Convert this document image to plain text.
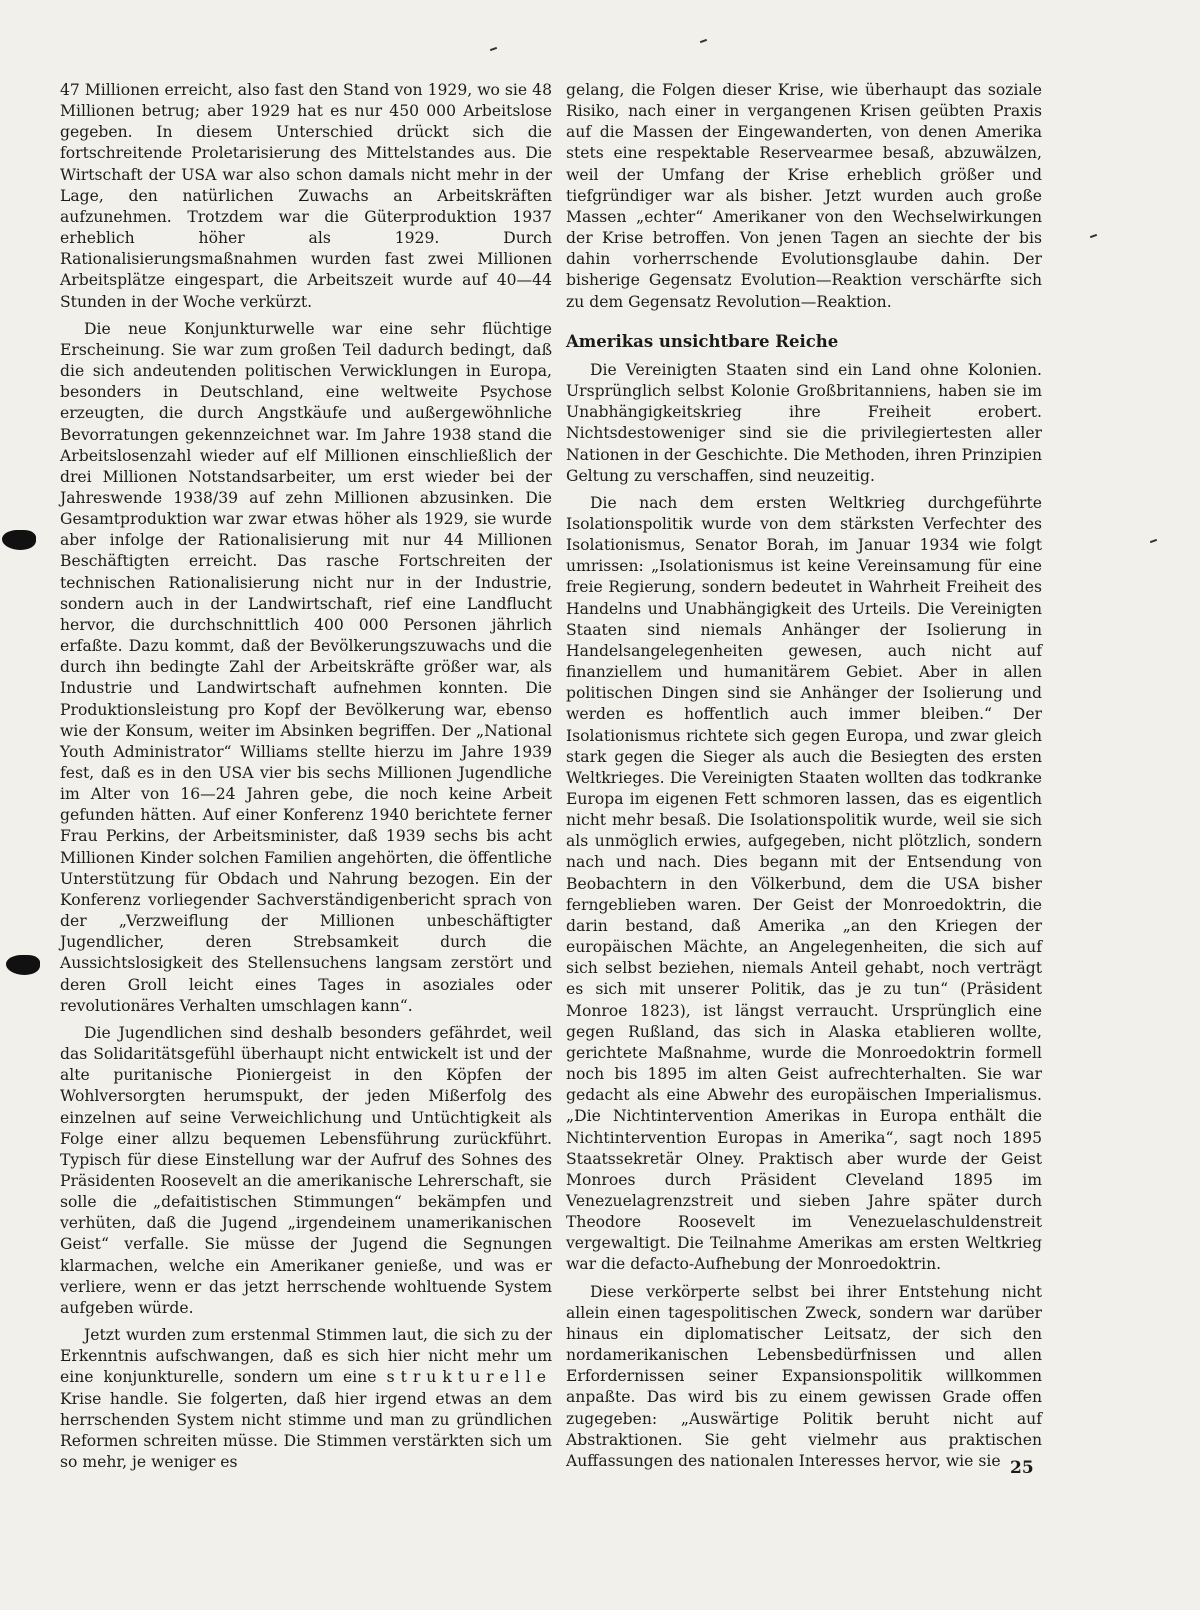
47 Millionen erreicht, also fast den Stand von 1929, wo sie 48 Millionen betrug; aber 1929 hat es nur 450 000 Arbeitslose gegeben. In diesem Unterschied drückt sich die fortschreitende Proletarisierung des Mittelstandes aus. Die Wirtschaft der USA war also schon damals nicht mehr in der Lage, den natürlichen Zuwachs an Arbeitskräften aufzunehmen. Trotzdem war die Güterproduktion 1937 erheblich höher als 1929. Durch Rationalisierungsmaßnahmen wurden fast zwei Millionen Arbeitsplätze eingespart, die Arbeitszeit wurde auf 40—44 Stunden in der Woche verkürzt.

Die neue Konjunkturwelle war eine sehr flüchtige Erscheinung. Sie war zum großen Teil dadurch bedingt, daß die sich andeutenden politischen Verwicklungen in Europa, besonders in Deutschland, eine weltweite Psychose erzeugten, die durch Angstkäufe und außergewöhnliche Bevorratungen gekennzeichnet war. Im Jahre 1938 stand die Arbeitslosenzahl wieder auf elf Millionen einschließlich der drei Millionen Notstandsarbeiter, um erst wieder bei der Jahreswende 1938/39 auf zehn Millionen abzusinken. Die Gesamtproduktion war zwar etwas höher als 1929, sie wurde aber infolge der Rationalisierung mit nur 44 Millionen Beschäftigten erreicht. Das rasche Fortschreiten der technischen Rationalisierung nicht nur in der Industrie, sondern auch in der Landwirtschaft, rief eine Landflucht hervor, die durchschnittlich 400 000 Personen jährlich erfaßte. Dazu kommt, daß der Bevölkerungszuwachs und die durch ihn bedingte Zahl der Arbeitskräfte größer war, als Industrie und Landwirtschaft aufnehmen konnten. Die Produktionsleistung pro Kopf der Bevölkerung war, ebenso wie der Konsum, weiter im Absinken begriffen. Der „National Youth Administrator“ Williams stellte hierzu im Jahre 1939 fest, daß es in den USA vier bis sechs Millionen Jugendliche im Alter von 16—24 Jahren gebe, die noch keine Arbeit gefunden hätten. Auf einer Konferenz 1940 berichtete ferner Frau Perkins, der Arbeitsminister, daß 1939 sechs bis acht Millionen Kinder solchen Familien angehörten, die öffentliche Unterstützung für Obdach und Nahrung bezogen. Ein der Konferenz vorliegender Sachverständigenbericht sprach von der „Verzweiflung der Millionen unbeschäftigter Jugendlicher, deren Strebsamkeit durch die Aussichtslosigkeit des Stellensuchens langsam zerstört und deren Groll leicht eines Tages in asoziales oder revolutionäres Verhalten umschlagen kann“.

Die Jugendlichen sind deshalb besonders gefährdet, weil das Solidaritätsgefühl überhaupt nicht entwickelt ist und der alte puritanische Pioniergeist in den Köpfen der Wohlversorgten herumspukt, der jeden Mißerfolg des einzelnen auf seine Verweichlichung und Untüchtigkeit als Folge einer allzu bequemen Lebensführung zurückführt. Typisch für diese Einstellung war der Aufruf des Sohnes des Präsidenten Roosevelt an die amerikanische Lehrerschaft, sie solle die „defaitistischen Stimmungen“ bekämpfen und verhüten, daß die Jugend „irgendeinem unamerikanischen Geist“ verfalle. Sie müsse der Jugend die Segnungen klarmachen, welche ein Amerikaner genieße, und was er verliere, wenn er das jetzt herrschende wohltuende System aufgeben würde.

Jetzt wurden zum erstenmal Stimmen laut, die sich zu der Erkenntnis aufschwangen, daß es sich hier nicht mehr um eine konjunkturelle, sondern um eine strukturelle Krise handle. Sie folgerten, daß hier irgend etwas an dem herrschenden System nicht stimme und man zu gründlichen Reformen schreiten müsse. Die Stimmen verstärkten sich um so mehr, je weniger es

gelang, die Folgen dieser Krise, wie überhaupt das soziale Risiko, nach einer in vergangenen Krisen geübten Praxis auf die Massen der Eingewanderten, von denen Amerika stets eine respektable Reservearmee besaß, abzuwälzen, weil der Umfang der Krise erheblich größer und tiefgründiger war als bisher. Jetzt wurden auch große Massen „echter“ Amerikaner von den Wechselwirkungen der Krise betroffen. Von jenen Tagen an siechte der bis dahin vorherrschende Evolutionsglaube dahin. Der bisherige Gegensatz Evolution—Reaktion verschärfte sich zu dem Gegensatz Revolution—Reaktion.

Amerikas unsichtbare Reiche

Die Vereinigten Staaten sind ein Land ohne Kolonien. Ursprünglich selbst Kolonie Großbritanniens, haben sie im Unabhängigkeitskrieg ihre Freiheit erobert. Nichtsdestoweniger sind sie die privilegiertesten aller Nationen in der Geschichte. Die Methoden, ihren Prinzipien Geltung zu verschaffen, sind neuzeitig.

Die nach dem ersten Weltkrieg durchgeführte Isolationspolitik wurde von dem stärksten Verfechter des Isolationismus, Senator Borah, im Januar 1934 wie folgt umrissen: „Isolationismus ist keine Vereinsamung für eine freie Regierung, sondern bedeutet in Wahrheit Freiheit des Handelns und Unabhängigkeit des Urteils. Die Vereinigten Staaten sind niemals Anhänger der Isolierung in Handelsangelegenheiten gewesen, auch nicht auf finanziellem und humanitärem Gebiet. Aber in allen politischen Dingen sind sie Anhänger der Isolierung und werden es hoffentlich auch immer bleiben.“ Der Isolationismus richtete sich gegen Europa, und zwar gleich stark gegen die Sieger als auch die Besiegten des ersten Weltkrieges. Die Vereinigten Staaten wollten das todkranke Europa im eigenen Fett schmoren lassen, das es eigentlich nicht mehr besaß. Die Isolationspolitik wurde, weil sie sich als unmöglich erwies, aufgegeben, nicht plötzlich, sondern nach und nach. Dies begann mit der Entsendung von Beobachtern in den Völkerbund, dem die USA bisher ferngeblieben waren. Der Geist der Monroedoktrin, die darin bestand, daß Amerika „an den Kriegen der europäischen Mächte, an Angelegenheiten, die sich auf sich selbst beziehen, niemals Anteil gehabt, noch verträgt es sich mit unserer Politik, das je zu tun“ (Präsident Monroe 1823), ist längst verraucht. Ursprünglich eine gegen Rußland, das sich in Alaska etablieren wollte, gerichtete Maßnahme, wurde die Monroedoktrin formell noch bis 1895 im alten Geist aufrechterhalten. Sie war gedacht als eine Abwehr des europäischen Imperialismus. „Die Nichtintervention Amerikas in Europa enthält die Nichtintervention Europas in Amerika“, sagt noch 1895 Staatssekretär Olney. Praktisch aber wurde der Geist Monroes durch Präsident Cleveland 1895 im Venezuelagrenzstreit und sieben Jahre später durch Theodore Roosevelt im Venezuelaschuldenstreit vergewaltigt. Die Teilnahme Amerikas am ersten Weltkrieg war die defacto-Aufhebung der Monroedoktrin.

Diese verkörperte selbst bei ihrer Entstehung nicht allein einen tagespolitischen Zweck, sondern war darüber hinaus ein diplomatischer Leitsatz, der sich den nordamerikanischen Lebensbedürfnissen und allen Erfordernissen seiner Expansionspolitik willkommen anpaßte. Das wird bis zu einem gewissen Grade offen zugegeben: „Auswärtige Politik beruht nicht auf Abstraktionen. Sie geht vielmehr aus praktischen Auffassungen des nationalen Interesses hervor, wie sie 25
